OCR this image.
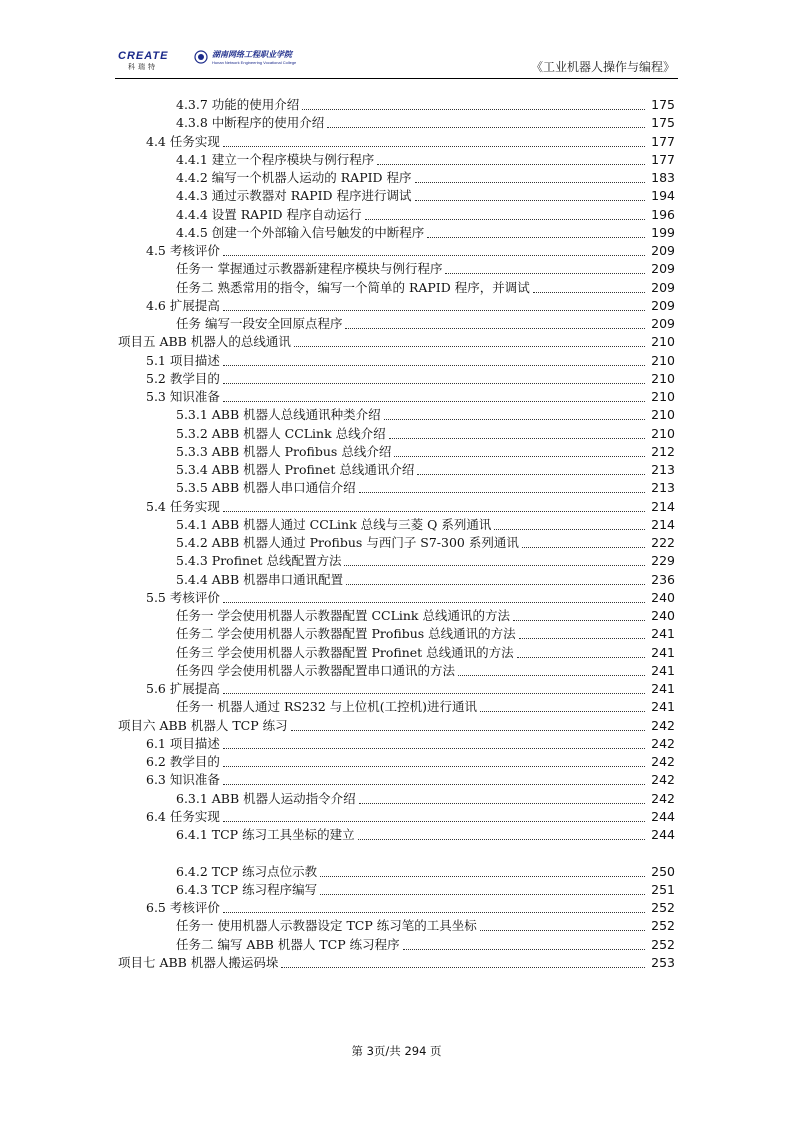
CREATE
科瑞特
湖南网络工程职业学院
Hunan Network Engineering Vocational College	《工业机器人操作与编程》
4.3.7 功能的使用介绍	175
4.3.8 中断程序的使用介绍	175
4.4 任务实现	177
4.4.1 建立一个程序模块与例行程序	177
4.4.2 编写一个机器人运动的 RAPID 程序	183
4.4.3 通过示教器对 RAPID 程序进行调试	194
4.4.4 设置 RAPID 程序自动运行	196
4.4.5 创建一个外部输入信号触发的中断程序	199
4.5 考核评价	209
任务一 掌握通过示教器新建程序模块与例行程序	209
任务二 熟悉常用的指令，编写一个简单的 RAPID 程序，并调试	209
4.6 扩展提高	209
任务 编写一段安全回原点程序	209
项目五 ABB 机器人的总线通讯	210
5.1 项目描述	210
5.2 教学目的	210
5.3 知识准备	210
5.3.1 ABB 机器人总线通讯种类介绍	210
5.3.2 ABB 机器人 CCLink 总线介绍	210
5.3.3 ABB 机器人 Profibus 总线介绍	212
5.3.4 ABB 机器人 Profinet 总线通讯介绍	213
5.3.5 ABB 机器人串口通信介绍	213
5.4 任务实现	214
5.4.1 ABB 机器人通过 CCLink 总线与三菱 Q 系列通讯	214
5.4.2 ABB 机器人通过 Profibus 与西门子 S7-300 系列通讯	222
5.4.3 Profinet 总线配置方法	229
5.4.4 ABB 机器串口通讯配置	236
5.5 考核评价	240
任务一 学会使用机器人示教器配置 CCLink 总线通讯的方法	240
任务二 学会使用机器人示教器配置 Profibus 总线通讯的方法	241
任务三 学会使用机器人示教器配置 Profinet 总线通讯的方法	241
任务四 学会使用机器人示教器配置串口通讯的方法	241
5.6 扩展提高	241
任务一 机器人通过 RS232 与上位机(工控机)进行通讯	241
项目六 ABB 机器人 TCP 练习	242
6.1 项目描述	242
6.2 教学目的	242
6.3 知识准备	242
6.3.1 ABB 机器人运动指令介绍	242
6.4 任务实现	244
6.4.1 TCP 练习工具坐标的建立	244
6.4.2 TCP 练习点位示教	250
6.4.3 TCP 练习程序编写	251
6.5 考核评价	252
任务一 使用机器人示教器设定 TCP 练习笔的工具坐标	252
任务二 编写 ABB 机器人 TCP 练习程序	252
项目七 ABB 机器人搬运码垛	253
第 3页/共 294 页
